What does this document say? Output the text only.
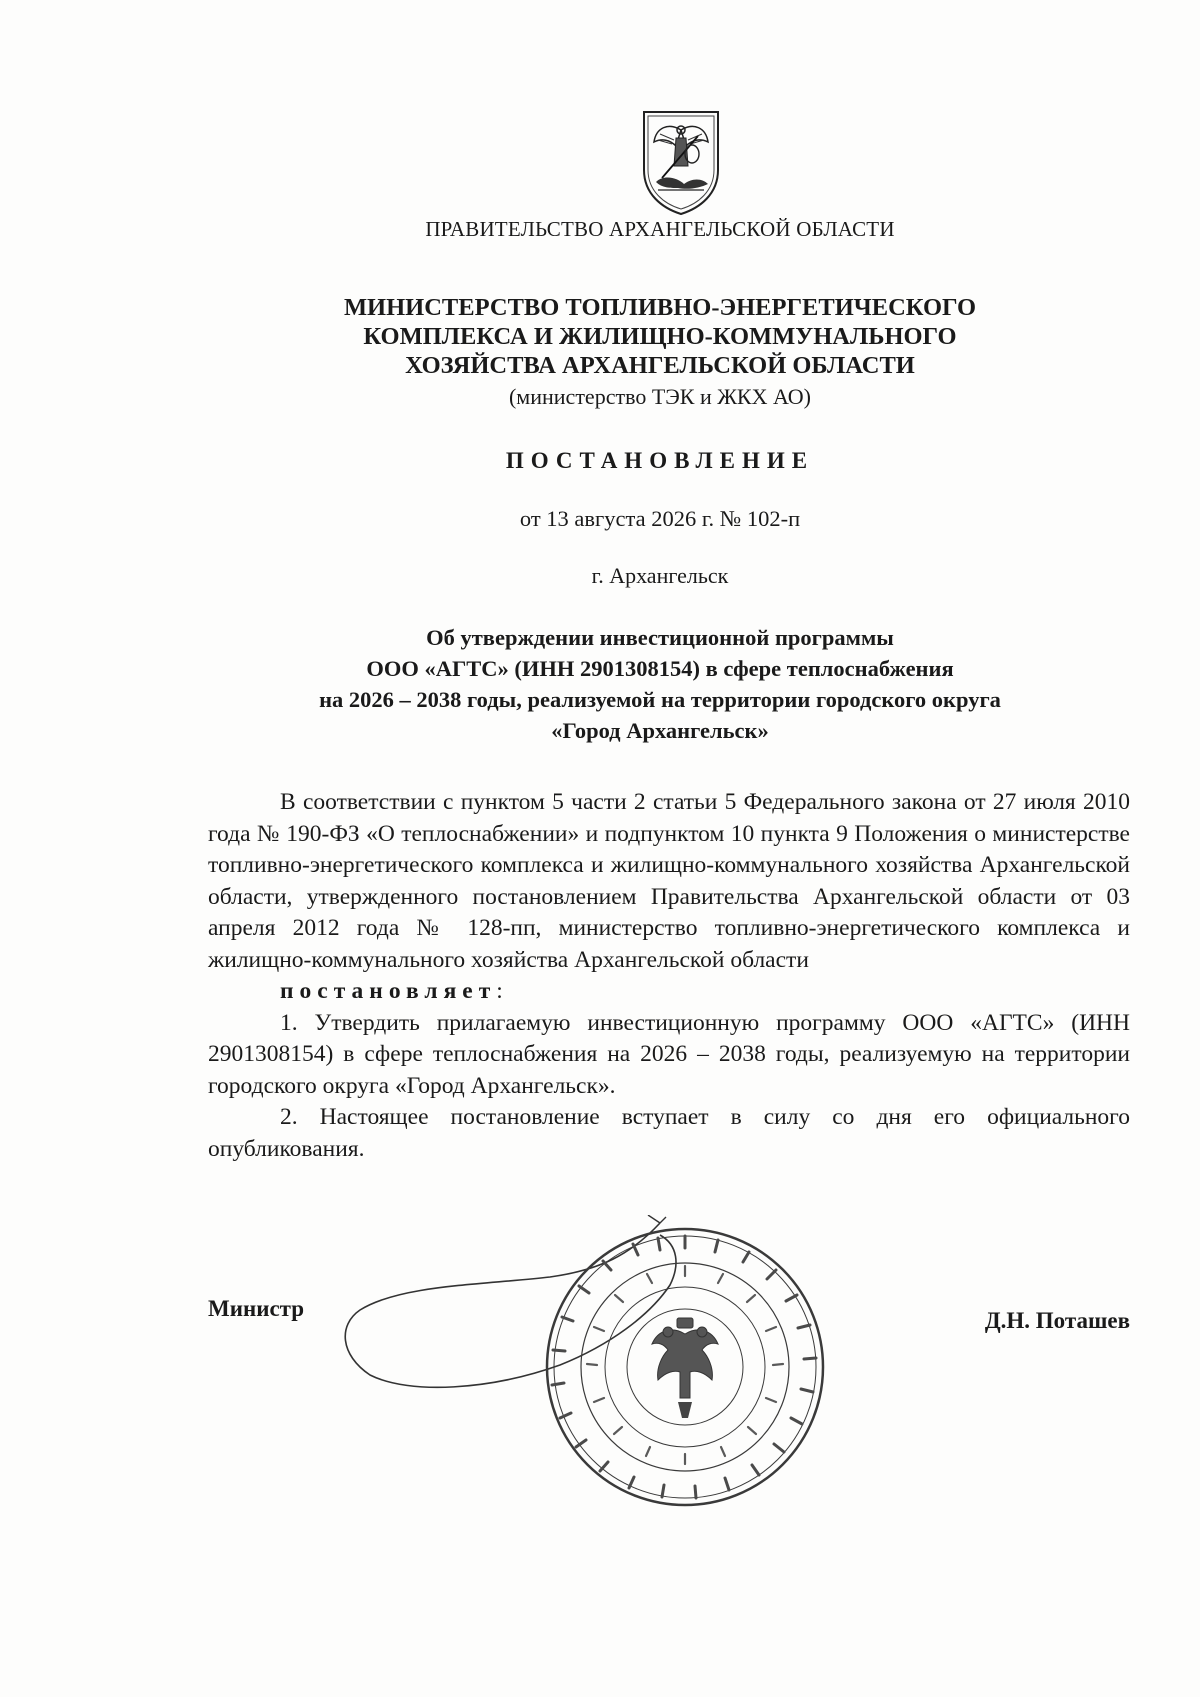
ПРАВИТЕЛЬСТВО АРХАНГЕЛЬСКОЙ ОБЛАСТИ
МИНИСТЕРСТВО ТОПЛИВНО-ЭНЕРГЕТИЧЕСКОГО
КОМПЛЕКСА И ЖИЛИЩНО-КОММУНАЛЬНОГО
ХОЗЯЙСТВА АРХАНГЕЛЬСКОЙ ОБЛАСТИ
(министерство ТЭК и ЖКХ АО)
ПОСТАНОВЛЕНИЕ
от 13 августа 2026 г. № 102-п
г. Архангельск
Об утверждении инвестиционной программы
ООО «АГТС» (ИНН 2901308154) в сфере теплоснабжения
на 2026 – 2038 годы, реализуемой на территории городского округа
«Город Архангельск»

В соответствии с пунктом 5 части 2 статьи 5 Федерального закона от 27 июля 2010 года № 190-ФЗ «О теплоснабжении» и подпунктом 10 пункта 9 Положения о министерстве топливно-энергетического комплекса и жилищно-коммунального хозяйства Архангельской области, утвержденного постановлением Правительства Архангельской области от 03 апреля 2012 года № 128-пп, министерство топливно-энергетического комплекса и жилищно-коммунального хозяйства Архангельской области

постановляет:

1. Утвердить прилагаемую инвестиционную программу ООО «АГТС» (ИНН 2901308154) в сфере теплоснабжения на 2026 – 2038 годы, реализуемую на территории городского округа «Город Архангельск».

2. Настоящее постановление вступает в силу со дня его официального опубликования.

Министр	Д.Н. Поташев
